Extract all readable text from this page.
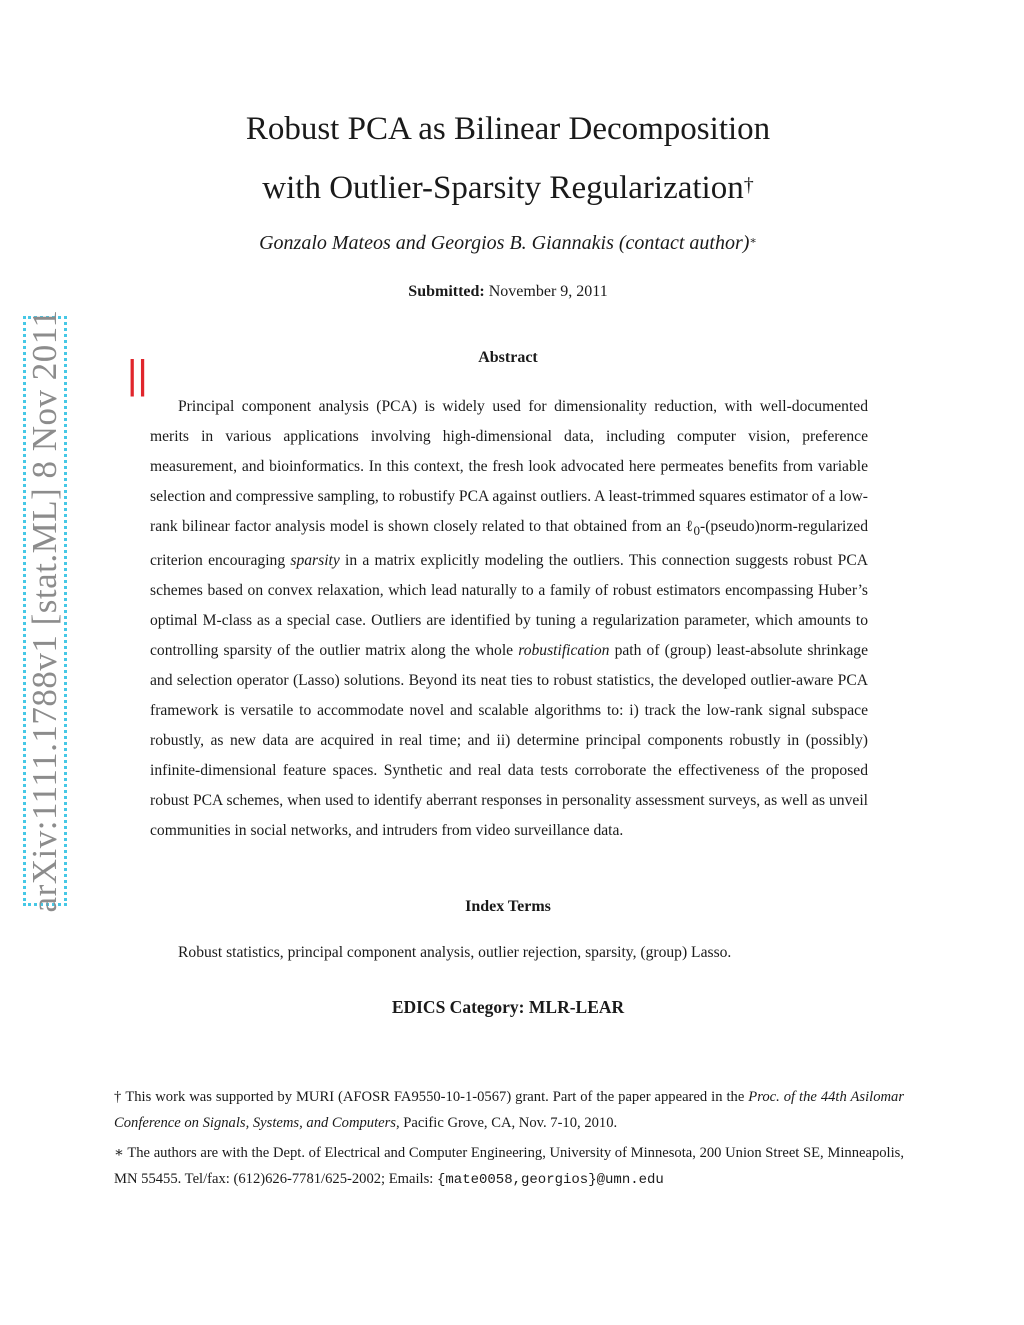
arXiv:1111.1788v1 [stat.ML] 8 Nov 2011 ||
Robust PCA as Bilinear Decomposition
with Outlier-Sparsity Regularization†
Gonzalo Mateos and Georgios B. Giannakis (contact author)∗
Submitted: November 9, 2011
Abstract

Principal component analysis (PCA) is widely used for dimensionality reduction, with well-documented merits in various applications involving high-dimensional data, including computer vision, preference measurement, and bioinformatics. In this context, the fresh look advocated here permeates benefits from variable selection and compressive sampling, to robustify PCA against outliers. A least-trimmed squares estimator of a low-rank bilinear factor analysis model is shown closely related to that obtained from an ℓ$_0$-(pseudo)norm-regularized criterion encouraging sparsity in a matrix explicitly modeling the outliers. This connection suggests robust PCA schemes based on convex relaxation, which lead naturally to a family of robust estimators encompassing Huber’s optimal M-class as a special case. Outliers are identified by tuning a regularization parameter, which amounts to controlling sparsity of the outlier matrix along the whole robustification path of (group) least-absolute shrinkage and selection operator (Lasso) solutions. Beyond its neat ties to robust statistics, the developed outlier-aware PCA framework is versatile to accommodate novel and scalable algorithms to: i) track the low-rank signal subspace robustly, as new data are acquired in real time; and ii) determine principal components robustly in (possibly) infinite-dimensional feature spaces. Synthetic and real data tests corroborate the effectiveness of the proposed robust PCA schemes, when used to identify aberrant responses in personality assessment surveys, as well as unveil communities in social networks, and intruders from video surveillance data.

Index Terms
Robust statistics, principal component analysis, outlier rejection, sparsity, (group) Lasso.
EDICS Category: MLR-LEAR

† This work was supported by MURI (AFOSR FA9550-10-1-0567) grant. Part of the paper appeared in the Proc. of the 44th Asilomar Conference on Signals, Systems, and Computers, Pacific Grove, CA, Nov. 7-10, 2010.

∗ The authors are with the Dept. of Electrical and Computer Engineering, University of Minnesota, 200 Union Street SE, Minneapolis, MN 55455. Tel/fax: (612)626-7781/625-2002; Emails: {mate0058,georgios}@umn.edu
